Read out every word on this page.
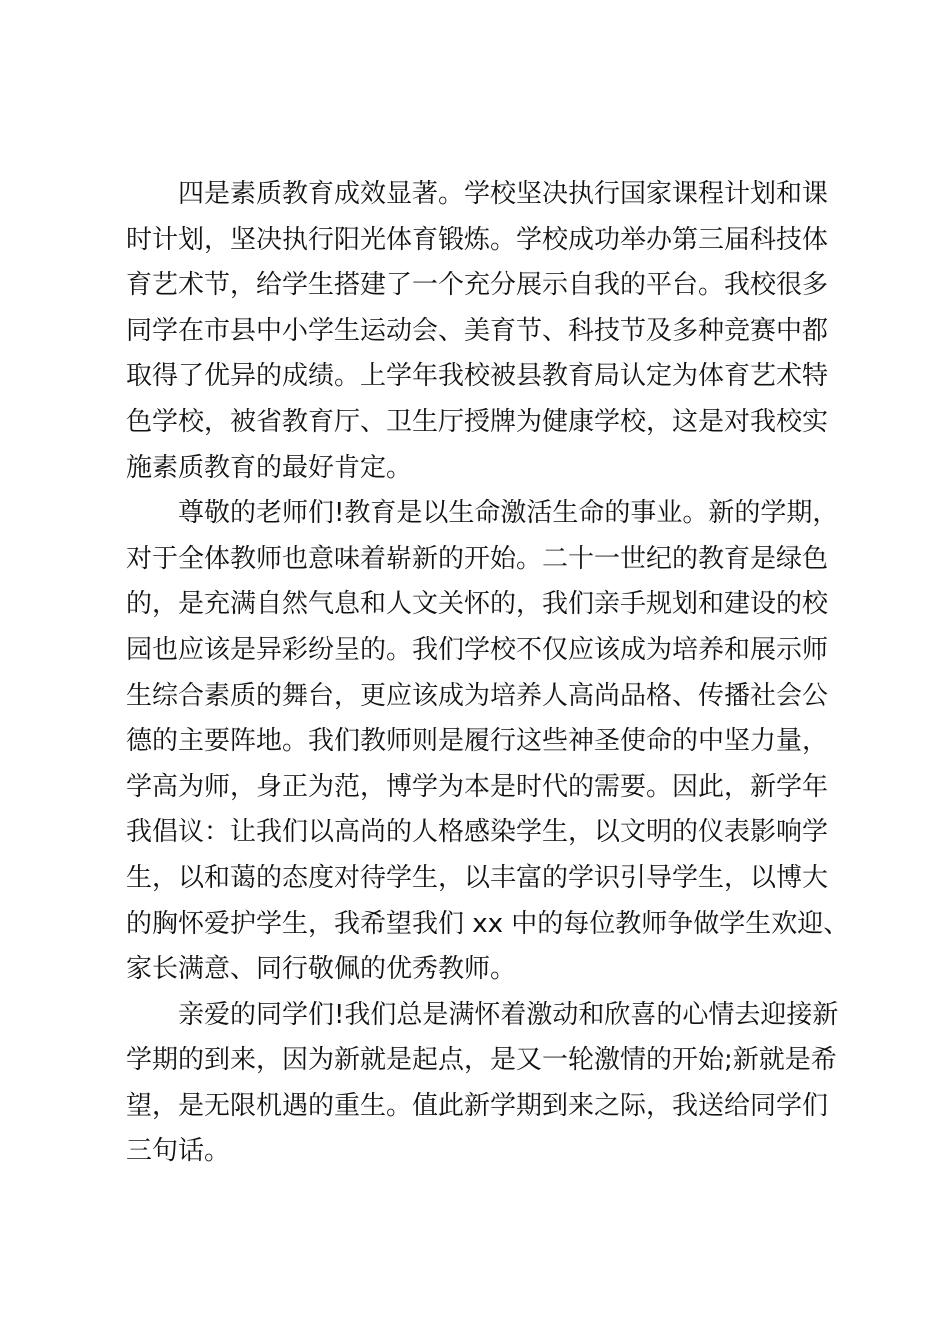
四是素质教育成效显著。学校坚决执行国家课程计划和课
时计划，坚决执行阳光体育锻炼。学校成功举办第三届科技体
育艺术节，给学生搭建了一个充分展示自我的平台。我校很多
同学在市县中小学生运动会、美育节、科技节及多种竞赛中都
取得了优异的成绩。上学年我校被县教育局认定为体育艺术特
色学校，被省教育厅、卫生厅授牌为健康学校，这是对我校实
施素质教育的最好肯定。
尊敬的老师们!教育是以生命激活生命的事业。新的学期，
对于全体教师也意味着崭新的开始。二十一世纪的教育是绿色
的，是充满自然气息和人文关怀的，我们亲手规划和建设的校
园也应该是异彩纷呈的。我们学校不仅应该成为培养和展示师
生综合素质的舞台，更应该成为培养人高尚品格、传播社会公
德的主要阵地。我们教师则是履行这些神圣使命的中坚力量，
学高为师，身正为范，博学为本是时代的需要。因此，新学年
我倡议：让我们以高尚的人格感染学生，以文明的仪表影响学
生，以和蔼的态度对待学生，以丰富的学识引导学生，以博大
的胸怀爱护学生，我希望我们 xx 中的每位教师争做学生欢迎、
家长满意、同行敬佩的优秀教师。
亲爱的同学们!我们总是满怀着激动和欣喜的心情去迎接新
学期的到来，因为新就是起点，是又一轮激情的开始;新就是希
望，是无限机遇的重生。值此新学期到来之际，我送给同学们
三句话。
